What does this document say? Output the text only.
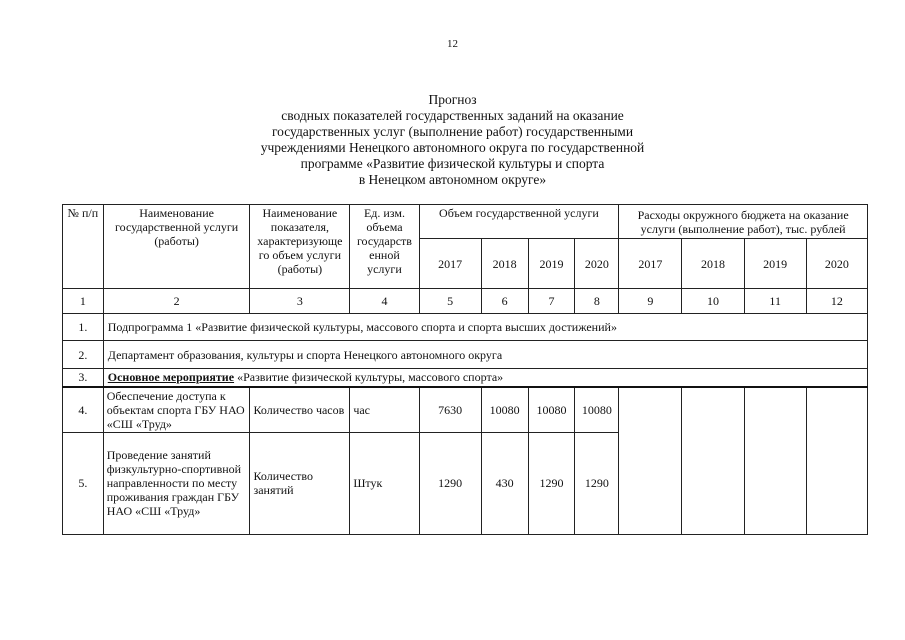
12
Прогноз
сводных показателей государственных заданий на оказание
государственных услуг (выполнение работ) государственными
учреждениями Ненецкого автономного округа по государственной
программе «Развитие физической культуры и спорта
в Ненецком автономном округе»
№ п/п	Наименование государственной услуги (работы)	Наименование показателя, характеризующе го объем услуги (работы)	Ед. изм. объема государств енной услуги	Объем государственной услуги				Расходы окружного бюджета на оказание услуги (выполнение работ), тыс. рублей			
				2017	2018	2019	2020	2017	2018	2019	2020
1	2	3	4	5	6	7	8	9	10	11	12
1.	Подпрограмма 1 «Развитие физической культуры, массового спорта и спорта высших достижений»										
2.	Департамент образования, культуры и спорта Ненецкого автономного округа										
3.	Основное мероприятие «Развитие физической культуры, массового спорта»										
4.	Обеспечение доступа к объектам спорта ГБУ НАО «СШ «Труд»	Количество часов	час	7630	10080	10080	10080				
5.	Проведение занятий физкультурно-спортивной направленности по месту проживания граждан ГБУ НАО «СШ «Труд»	Количество занятий	Штук	1290	430	1290	1290				
